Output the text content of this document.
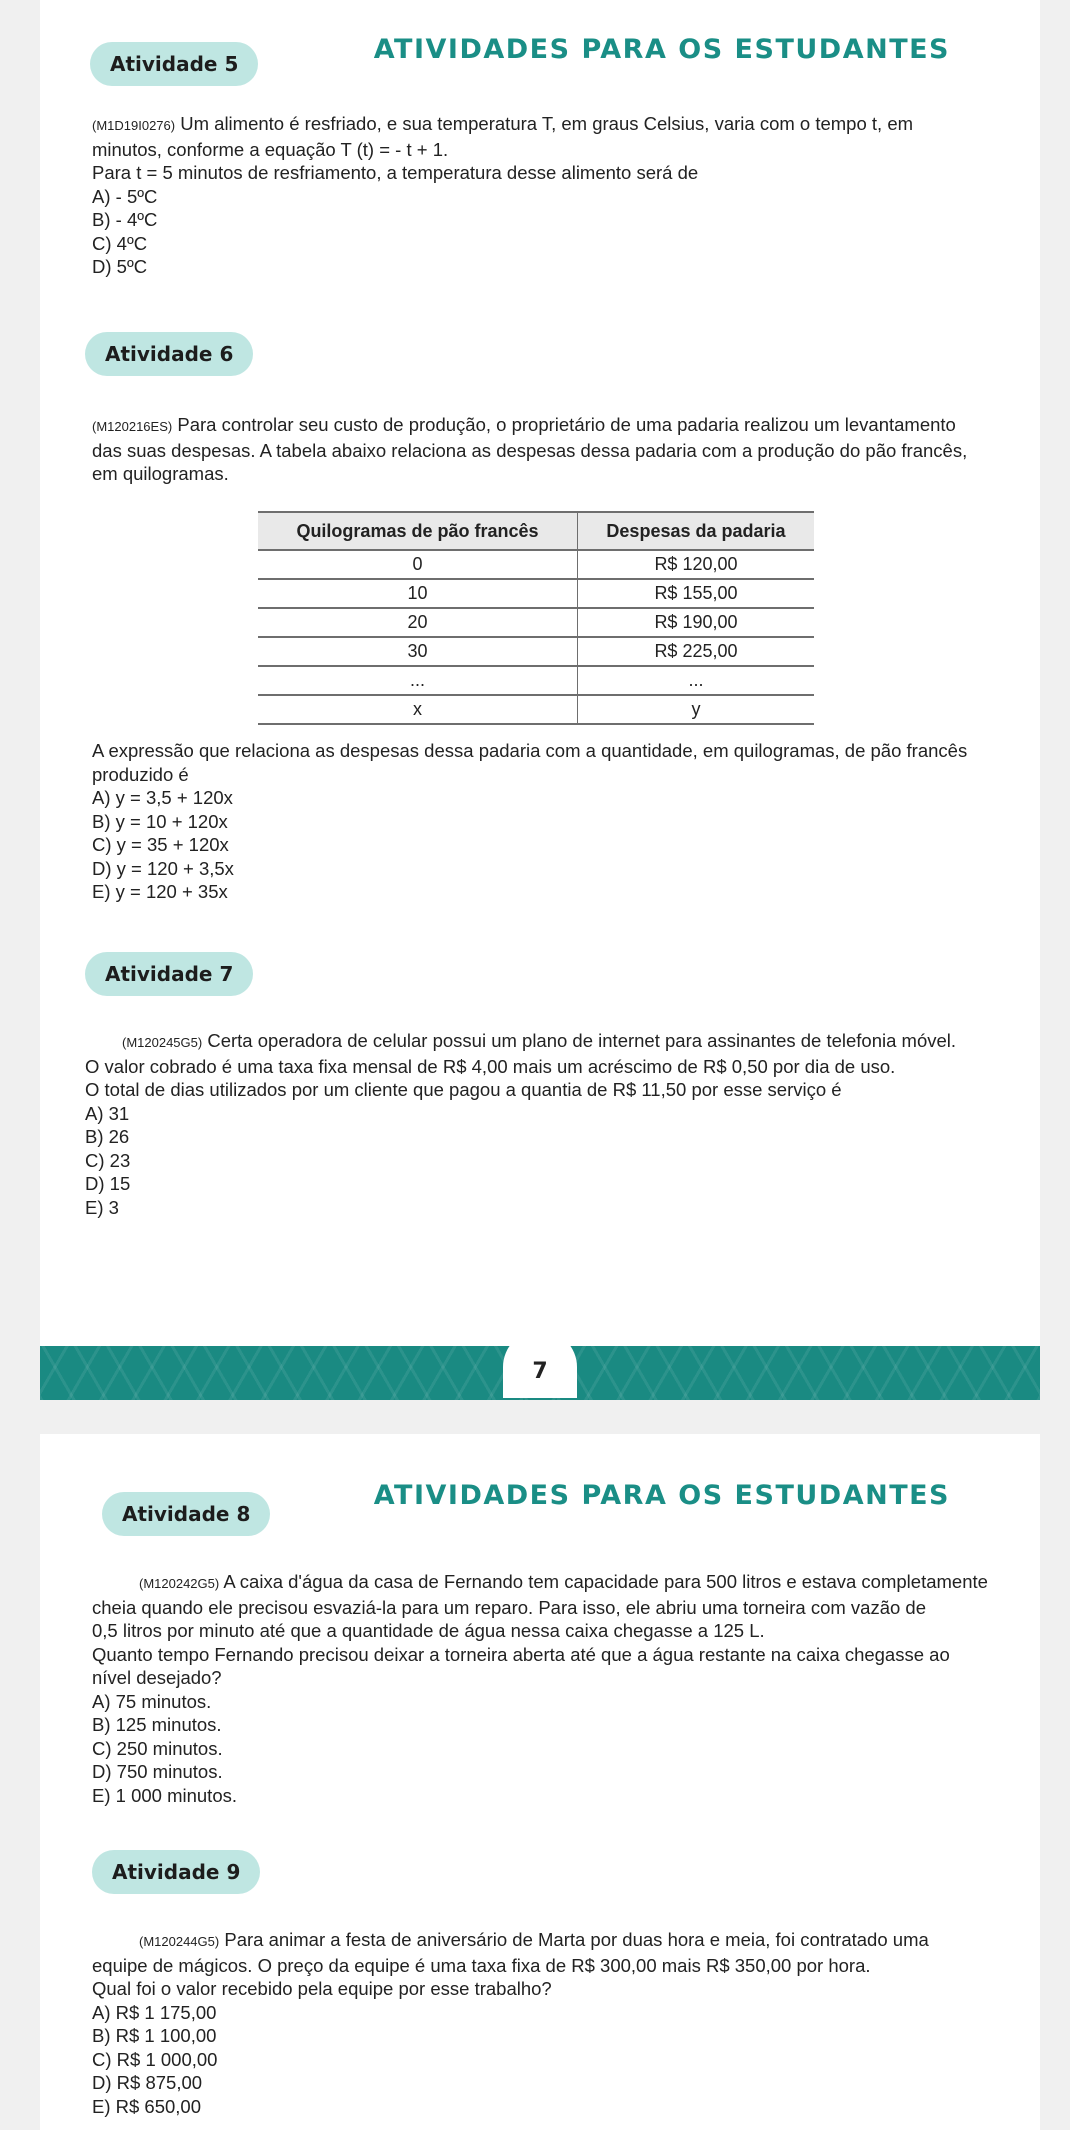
ATIVIDADES PARA OS ESTUDANTES
Atividade 5

(M1D19I0276) Um alimento é resfriado, e sua temperatura T, em graus Celsius, varia com o tempo t, em

minutos, conforme a equação T (t) = - t + 1.

Para t = 5 minutos de resfriamento, a temperatura desse alimento será de

A) - 5ºC
B) - 4ºC
C) 4ºC
D) 5ºC
Atividade 6

(M120216ES) Para controlar seu custo de produção, o proprietário de uma padaria realizou um levantamento

das suas despesas. A tabela abaixo relaciona as despesas dessa padaria com a produção do pão francês,

em quilogramas.

Quilogramas de pão francês	Despesas da padaria
0	R$ 120,00
10	R$ 155,00
20	R$ 190,00
30	R$ 225,00
...	...
x	y

A expressão que relaciona as despesas dessa padaria com a quantidade, em quilogramas, de pão francês

produzido é

A) y = 3,5 + 120x
B) y = 10 + 120x
C) y = 35 + 120x
D) y = 120 + 3,5x
E) y = 120 + 35x
Atividade 7

(M120245G5) Certa operadora de celular possui um plano de internet para assinantes de telefonia móvel.

O valor cobrado é uma taxa fixa mensal de R$ 4,00 mais um acréscimo de R$ 0,50 por dia de uso.

O total de dias utilizados por um cliente que pagou a quantia de R$ 11,50 por esse serviço é

A) 31
B) 26
C) 23
D) 15
E) 3
7
ATIVIDADES PARA OS ESTUDANTES
Atividade 8

(M120242G5) A caixa d'água da casa de Fernando tem capacidade para 500 litros e estava completamente

cheia quando ele precisou esvaziá-la para um reparo. Para isso, ele abriu uma torneira com vazão de

0,5 litros por minuto até que a quantidade de água nessa caixa chegasse a 125 L.

Quanto tempo Fernando precisou deixar a torneira aberta até que a água restante na caixa chegasse ao

nível desejado?

A) 75 minutos.
B) 125 minutos.
C) 250 minutos.
D) 750 minutos.
E) 1 000 minutos.
Atividade 9

(M120244G5) Para animar a festa de aniversário de Marta por duas hora e meia, foi contratado uma

equipe de mágicos. O preço da equipe é uma taxa fixa de R$ 300,00 mais R$ 350,00 por hora.

Qual foi o valor recebido pela equipe por esse trabalho?

A) R$ 1 175,00
B) R$ 1 100,00
C) R$ 1 000,00
D) R$ 875,00
E) R$ 650,00
